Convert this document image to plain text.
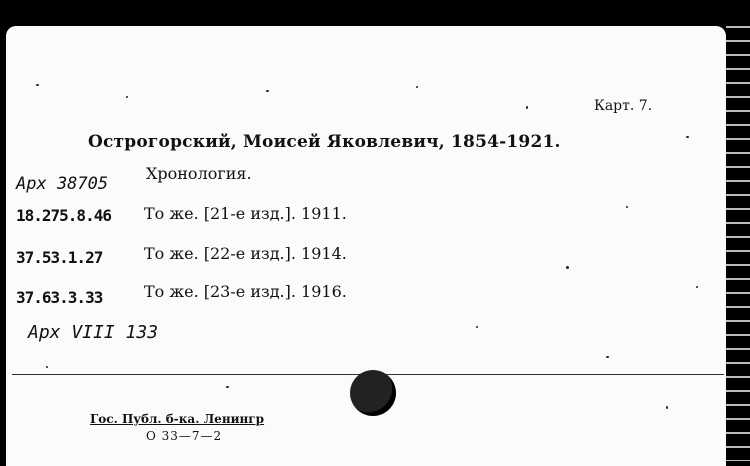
Карт. 7.
Острогорский, Моисей Яковлевич, 1854-1921.
Хронология.
Арх 38705
18.275.8.46 То же. [21-е изд.]. 1911.
37.53.1.27	То же. [22-е изд.]. 1914.
37.63.3.33	То же. [23-е изд.]. 1916.
Арх VIII 133
Гос. Публ. б-ка. Ленингр
О 33—7—2
